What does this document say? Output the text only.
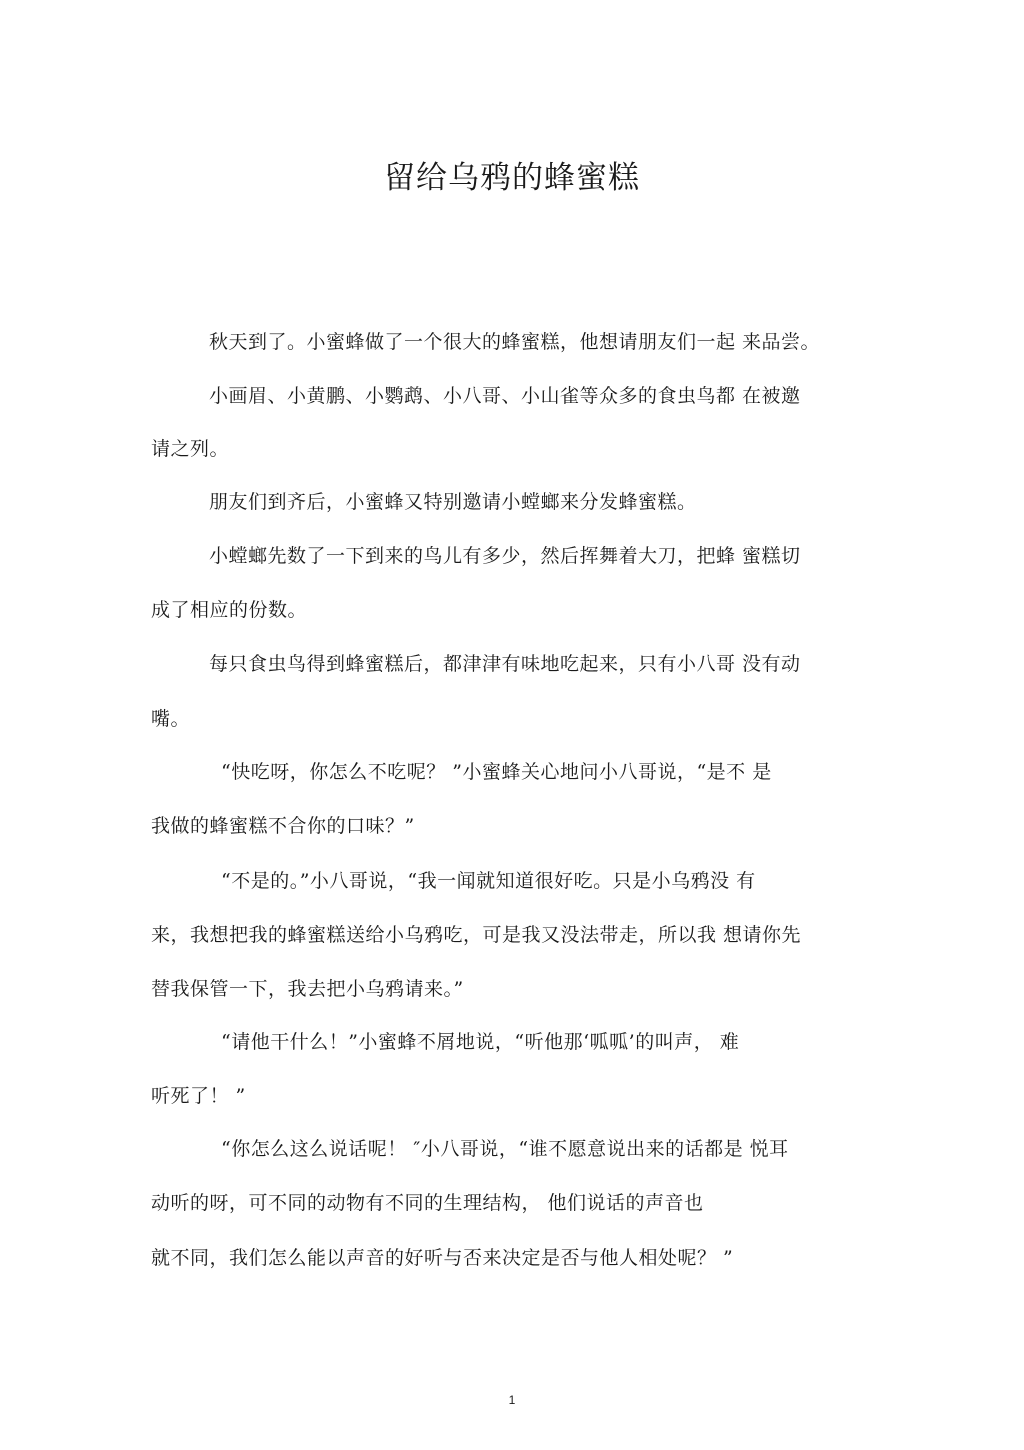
留给乌鸦的蜂蜜糕
秋天到了。小蜜蜂做了一个很大的蜂蜜糕，他想请朋友们一起 来品尝。
小画眉、小黄鹏、小鹦鹉、小八哥、小山雀等众多的食虫鸟都 在被邀
请之列。
朋友们到齐后，小蜜蜂又特别邀请小螳螂来分发蜂蜜糕。
小螳螂先数了一下到来的鸟儿有多少，然后挥舞着大刀，把蜂 蜜糕切
成了相应的份数。
每只食虫鸟得到蜂蜜糕后，都津津有味地吃起来，只有小八哥 没有动
嘴。
“快吃呀，你怎么不吃呢？ ”小蜜蜂关心地问小八哥说，“是不 是
我做的蜂蜜糕不合你的口味？”
“不是的。”小八哥说，“我一闻就知道很好吃。只是小乌鸦没 有
来，我想把我的蜂蜜糕送给小乌鸦吃，可是我又没法带走，所以我 想请你先
替我保管一下，我去把小乌鸦请来。”
“请他干什么！”小蜜蜂不屑地说，“听他那‘呱呱’的叫声， 难
听死了！ ”
“你怎么这么说话呢！ ″小八哥说，“谁不愿意说出来的话都是 悦耳
动听的呀，可不同的动物有不同的生理结构， 他们说话的声音也
就不同，我们怎么能以声音的好听与否来决定是否与他人相处呢？ ”
1
